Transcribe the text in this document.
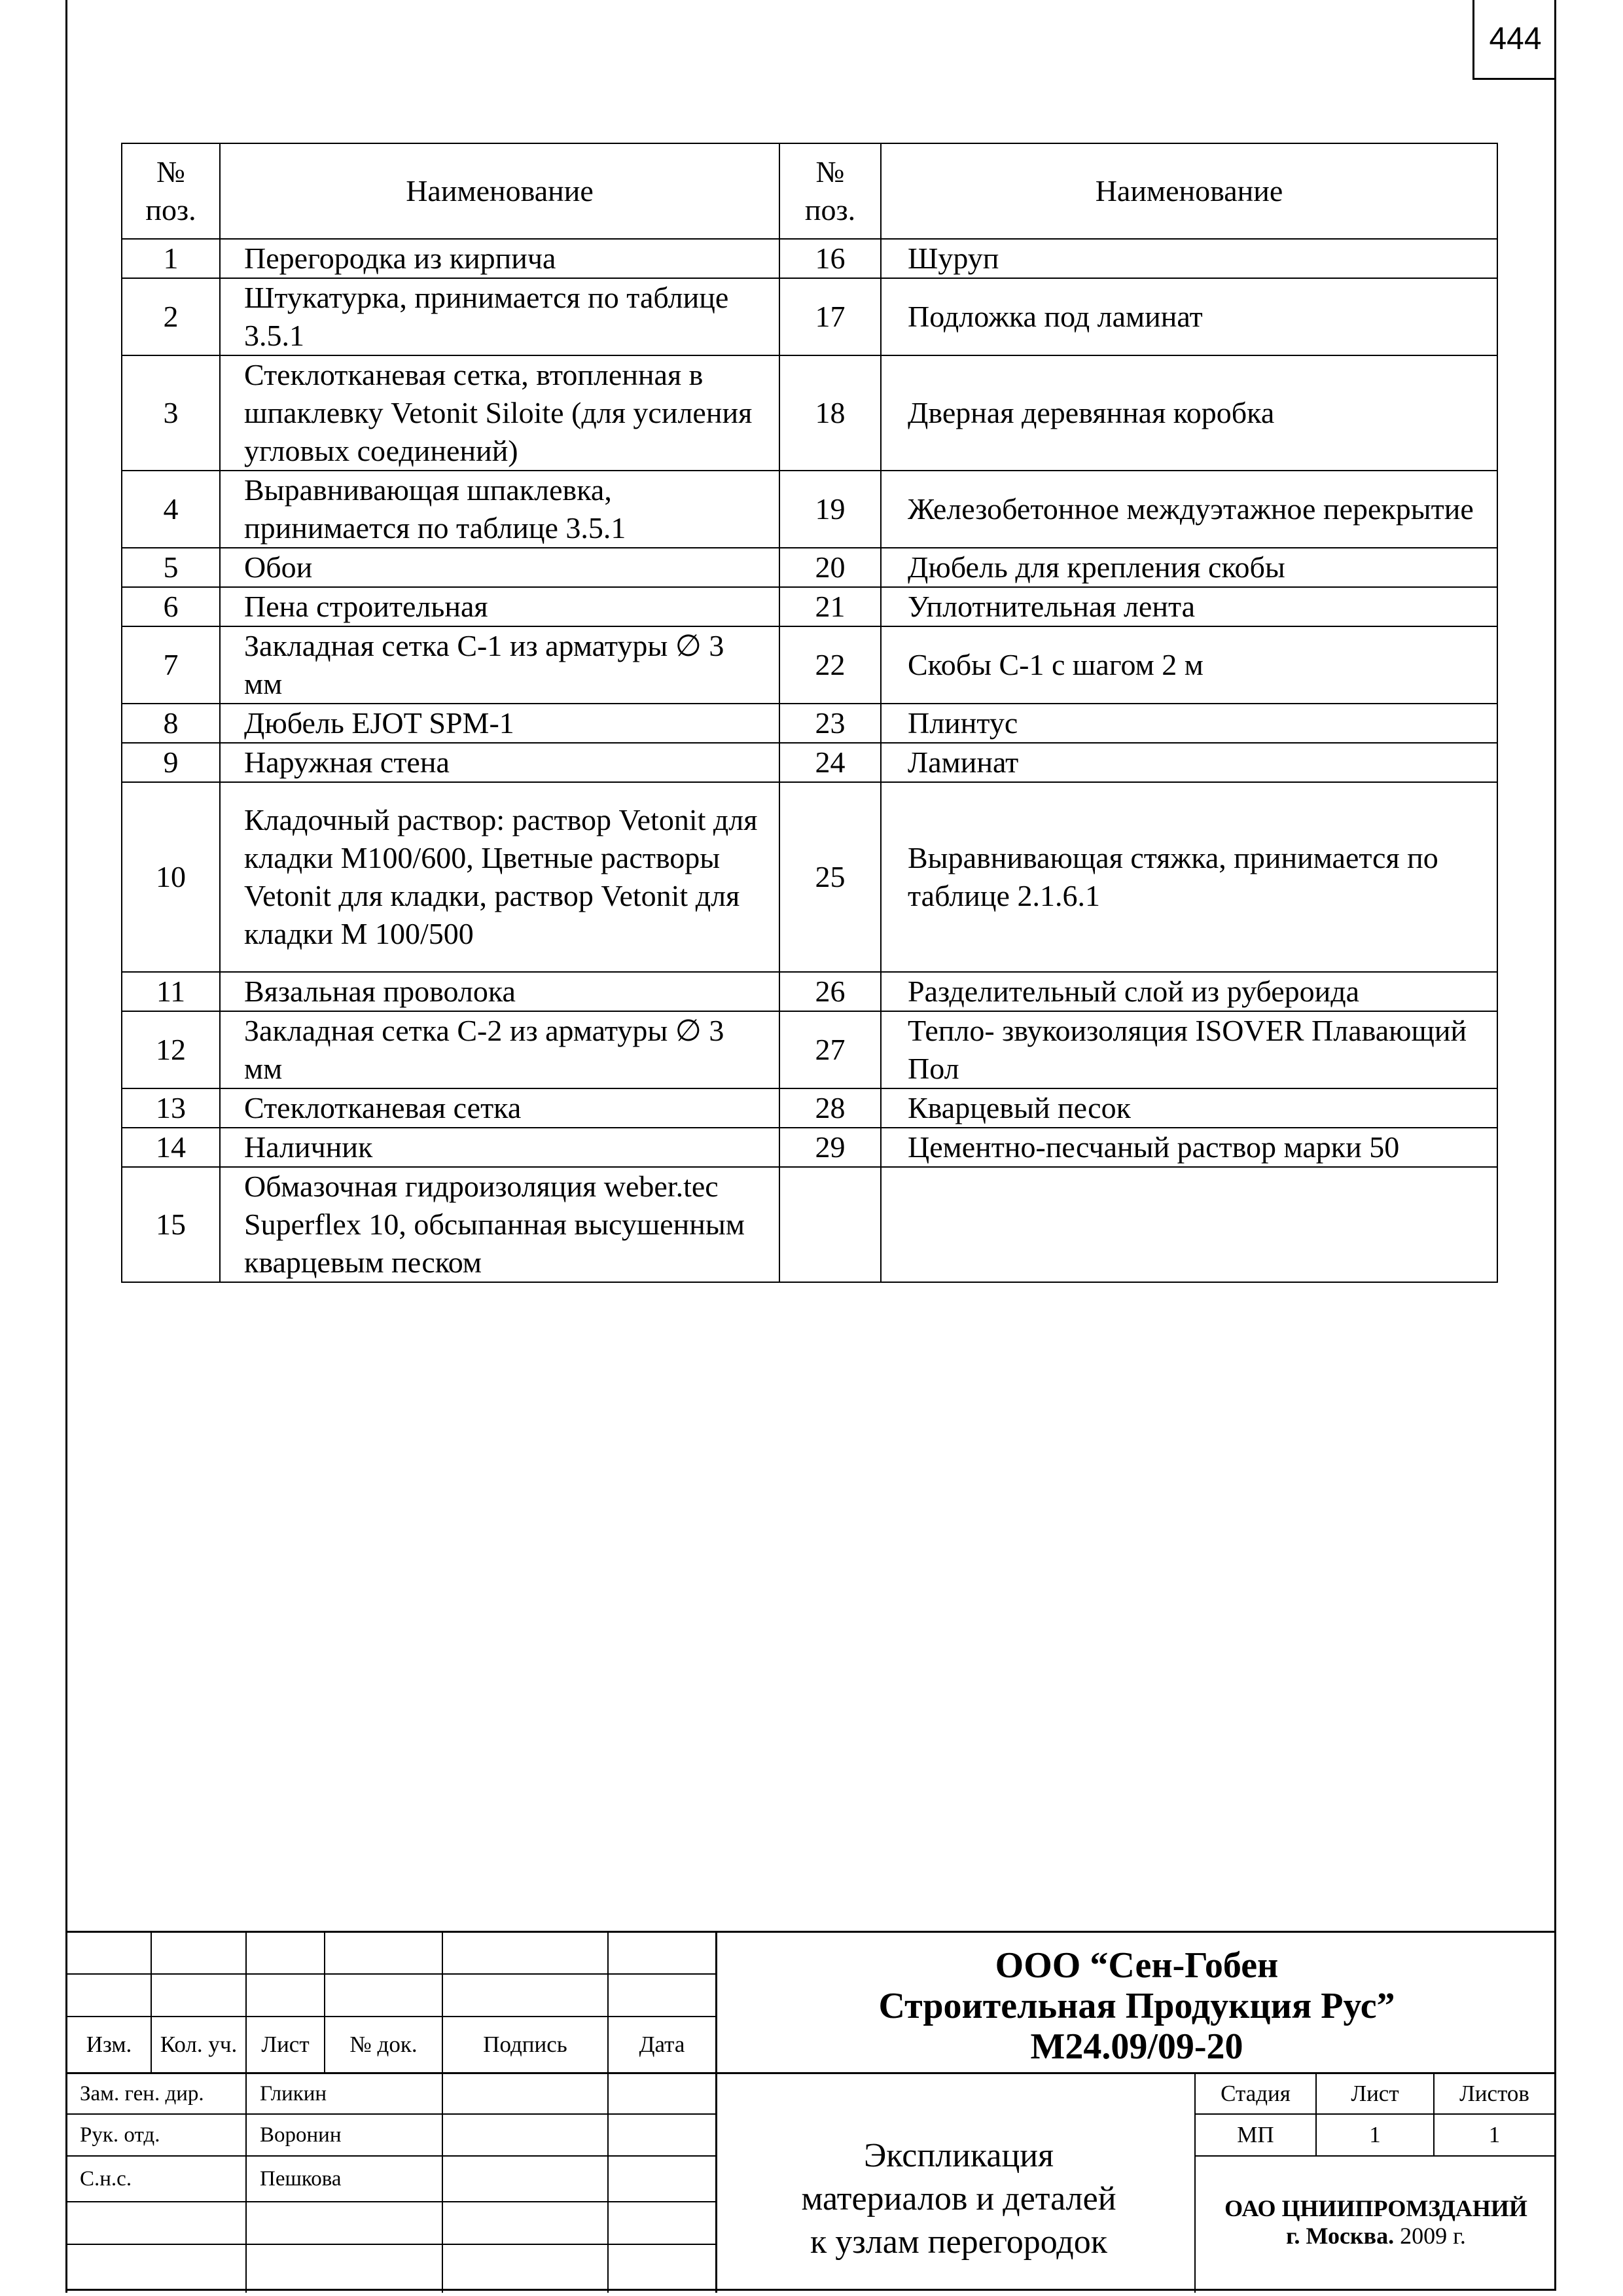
444
№ поз.	Наименование	№ поз.	Наименование
1	Перегородка из кирпича	16	Шуруп
2	Штукатурка, принимается по таблице 3.5.1	17	Подложка под ламинат
3	Стеклотканевая сетка, втопленная в шпаклевку Vetonit Siloite (для усиления угловых соединений)	18	Дверная деревянная коробка
4	Выравнивающая шпаклевка, принимается по таблице 3.5.1	19	Железобетонное междуэтажное перекрытие
5	Обои	20	Дюбель для крепления скобы
6	Пена строительная	21	Уплотнительная лента
7	Закладная сетка С-1 из арматуры ∅ 3 мм	22	Скобы С-1 с шагом 2 м
8	Дюбель EJOT SPM-1	23	Плинтус
9	Наружная стена	24	Ламинат
10	Кладочный раствор: раствор Vetonit для кладки М100/600, Цветные растворы Vetonit для кладки, раствор Vetonit для кладки М 100/500	25	Выравнивающая стяжка, принимается по таблице 2.1.6.1
11	Вязальная проволока	26	Разделительный слой из рубероида
12	Закладная сетка С-2 из арматуры ∅ 3 мм	27	Тепло- звукоизоляция ISOVER Плавающий Пол
13	Стеклотканевая сетка	28	Кварцевый песок
14	Наличник	29	Цементно-песчаный раствор марки 50
15	Обмазочная гидроизоляция weber.tec Superflex 10, обсыпанная высушенным кварцевым песком		
Изм.	Кол. уч.	Лист	№ док.	Подпись	Дата
Зам. ген. дир.	Гликин
Рук. отд.	Воронин
С.н.с.	Пешкова
ООО “Сен-Гобен
Строительная Продукция Рус”
М24.09/09-20
Экспликация материалов и деталей к узлам перегородок
Стадия	Лист	Листов
МП	1	1
ОАО ЦНИИПРОМЗДАНИЙ
г. Москва. 2009 г.
